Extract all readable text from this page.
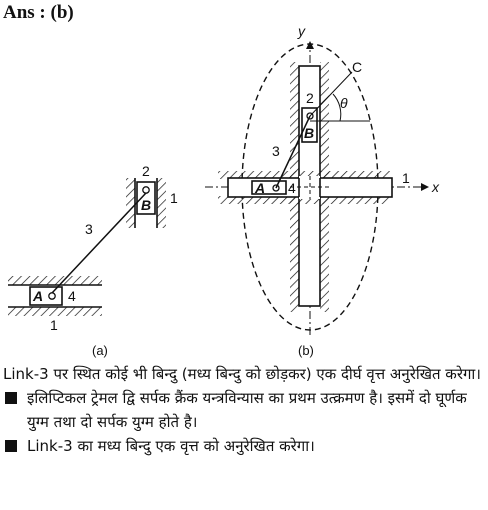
Ans : (b)
A 4
1
B
2
1
3
(a)
y
x
A 4
B
2
3
θ
C
1
(b)

Link-3 पर स्थित कोई भी बिन्दु (मध्य बिन्दु को छोड़कर) एक दीर्घ वृत्त अनुरेखित करेगा।

इलिप्टिकल ट्रेमल द्वि सर्पक क्रैंक यन्त्रविन्यास का प्रथम उत्क्रमण है। इसमें दो घूर्णक युग्म तथा दो सर्पक युग्म होते है।
Link-3 का मध्य बिन्दु एक वृत्त को अनुरेखित करेगा।
